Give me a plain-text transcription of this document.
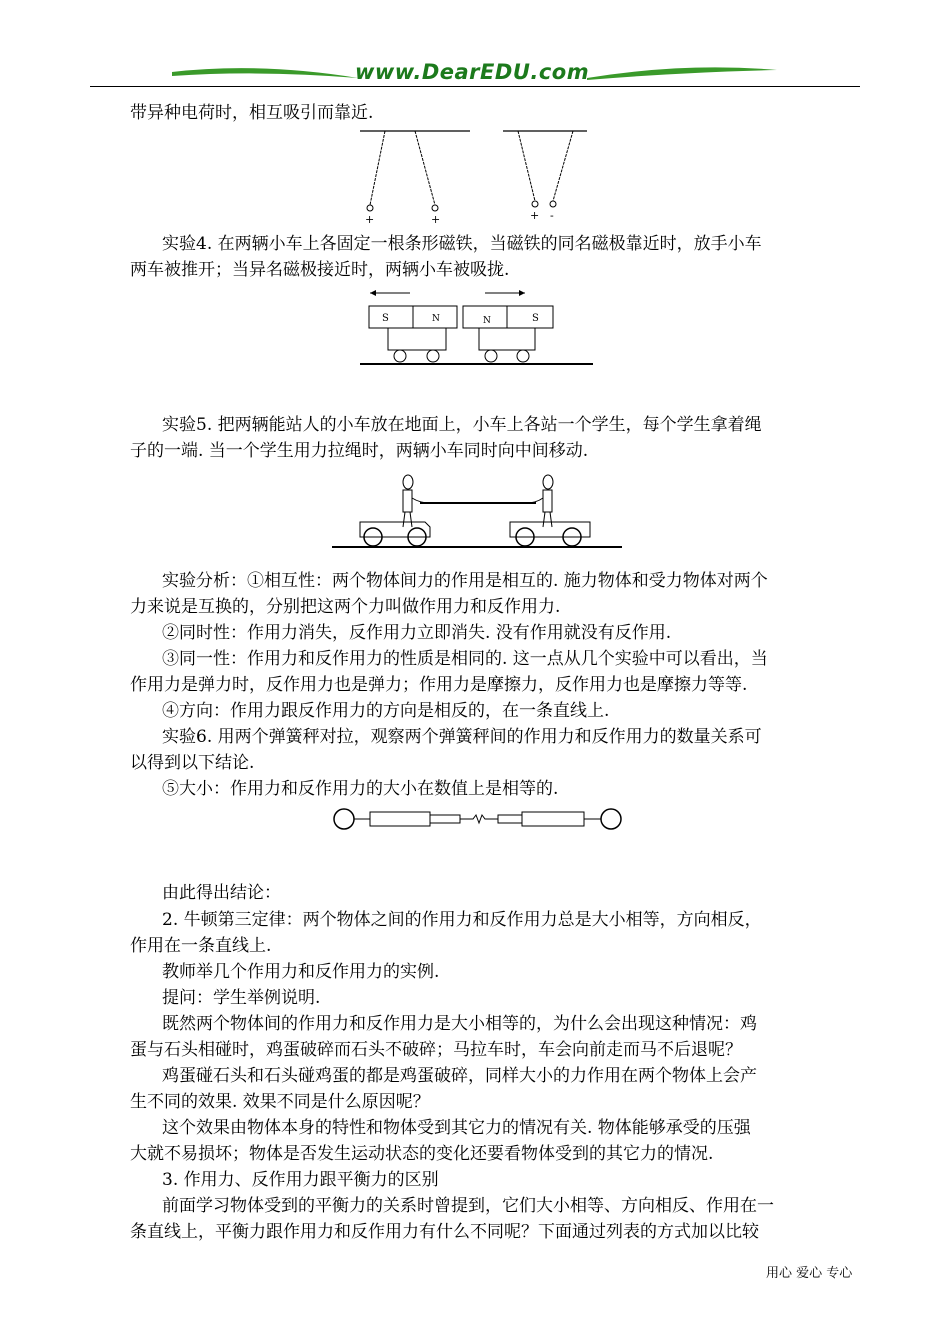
www.DearEDU.com
带异种电荷时，相互吸引而靠近.
+	+	+ -
实验4. 在两辆小车上各固定一根条形磁铁，当磁铁的同名磁极靠近时，放手小车
两车被推开；当异名磁极接近时，两辆小车被吸拢.
S	N	N	S
实验5. 把两辆能站人的小车放在地面上，小车上各站一个学生，每个学生拿着绳
子的一端. 当一个学生用力拉绳时，两辆小车同时向中间移动.
实验分析：①相互性：两个物体间力的作用是相互的. 施力物体和受力物体对两个
力来说是互换的，分别把这两个力叫做作用力和反作用力.
②同时性：作用力消失，反作用力立即消失. 没有作用就没有反作用.
③同一性：作用力和反作用力的性质是相同的. 这一点从几个实验中可以看出，当
作用力是弹力时，反作用力也是弹力；作用力是摩擦力，反作用力也是摩擦力等等.
④方向：作用力跟反作用力的方向是相反的，在一条直线上.
实验6. 用两个弹簧秤对拉，观察两个弹簧秤间的作用力和反作用力的数量关系可
以得到以下结论.
⑤大小：作用力和反作用力的大小在数值上是相等的.
由此得出结论：
2. 牛顿第三定律：两个物体之间的作用力和反作用力总是大小相等，方向相反，
作用在一条直线上.
教师举几个作用力和反作用力的实例.
提问：学生举例说明.
既然两个物体间的作用力和反作用力是大小相等的，为什么会出现这种情况：鸡
蛋与石头相碰时，鸡蛋破碎而石头不破碎；马拉车时，车会向前走而马不后退呢？
鸡蛋碰石头和石头碰鸡蛋的都是鸡蛋破碎，同样大小的力作用在两个物体上会产
生不同的效果. 效果不同是什么原因呢？
这个效果由物体本身的特性和物体受到其它力的情况有关. 物体能够承受的压强
大就不易损坏；物体是否发生运动状态的变化还要看物体受到的其它力的情况.
3. 作用力、反作用力跟平衡力的区别
前面学习物体受到的平衡力的关系时曾提到，它们大小相等、方向相反、作用在一
条直线上，平衡力跟作用力和反作用力有什么不同呢？下面通过列表的方式加以比较
用心 爱心 专心
